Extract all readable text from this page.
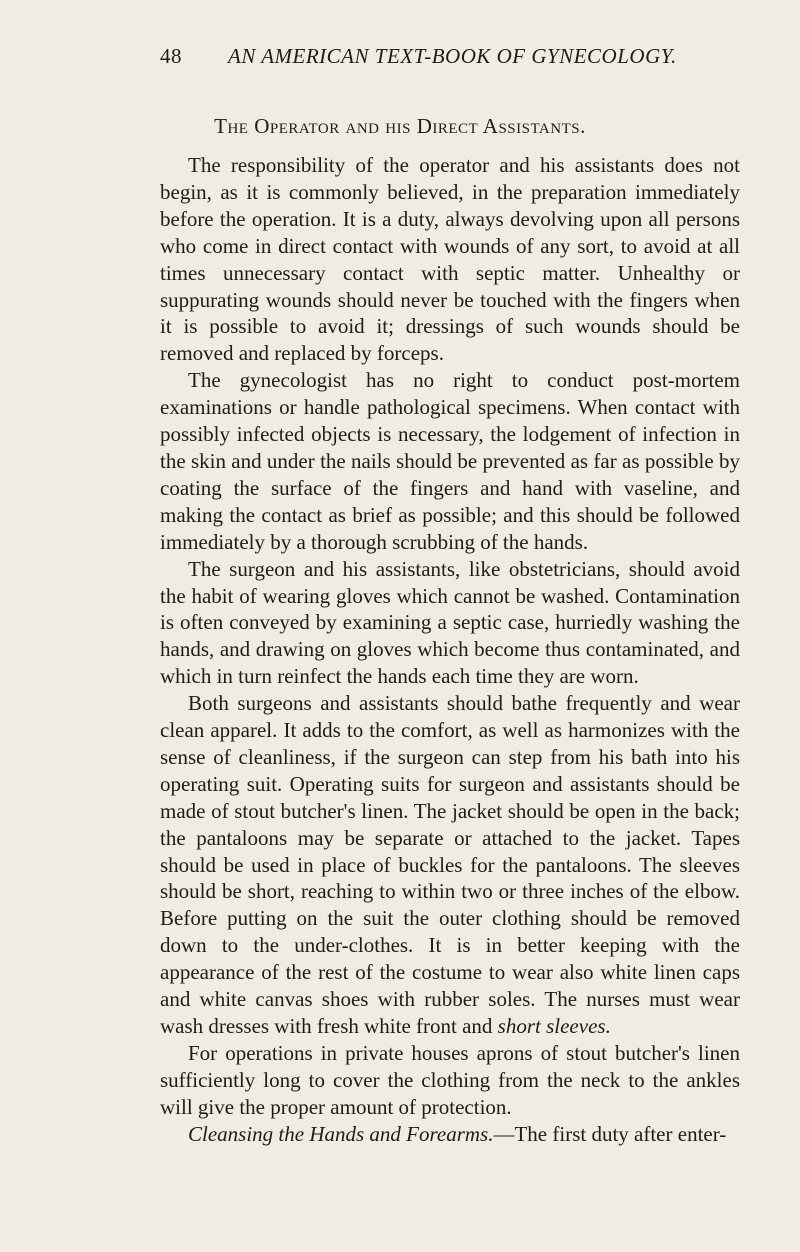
48 AN AMERICAN TEXT-BOOK OF GYNECOLOGY.
The Operator and his Direct Assistants.

The responsibility of the operator and his assistants does not begin, as it is commonly believed, in the preparation immediately before the operation. It is a duty, always devolving upon all persons who come in direct contact with wounds of any sort, to avoid at all times unnecessary contact with septic matter. Unhealthy or suppurating wounds should never be touched with the fingers when it is possible to avoid it; dressings of such wounds should be removed and replaced by forceps.

The gynecologist has no right to conduct post-mortem examinations or handle pathological specimens. When contact with possibly infected objects is necessary, the lodgement of infection in the skin and under the nails should be prevented as far as possible by coating the surface of the fingers and hand with vaseline, and making the contact as brief as possible; and this should be followed immediately by a thorough scrubbing of the hands.

The surgeon and his assistants, like obstetricians, should avoid the habit of wearing gloves which cannot be washed. Contamination is often conveyed by examining a septic case, hurriedly washing the hands, and drawing on gloves which become thus contaminated, and which in turn reinfect the hands each time they are worn.

Both surgeons and assistants should bathe frequently and wear clean apparel. It adds to the comfort, as well as harmonizes with the sense of cleanliness, if the surgeon can step from his bath into his operating suit. Operating suits for surgeon and assistants should be made of stout butcher's linen. The jacket should be open in the back; the pantaloons may be separate or attached to the jacket. Tapes should be used in place of buckles for the pantaloons. The sleeves should be short, reaching to within two or three inches of the elbow. Before putting on the suit the outer clothing should be removed down to the under-clothes. It is in better keeping with the appearance of the rest of the costume to wear also white linen caps and white canvas shoes with rubber soles. The nurses must wear wash dresses with fresh white front and short sleeves.

For operations in private houses aprons of stout butcher's linen sufficiently long to cover the clothing from the neck to the ankles will give the proper amount of protection.

Cleansing the Hands and Forearms.—The first duty after enter-
